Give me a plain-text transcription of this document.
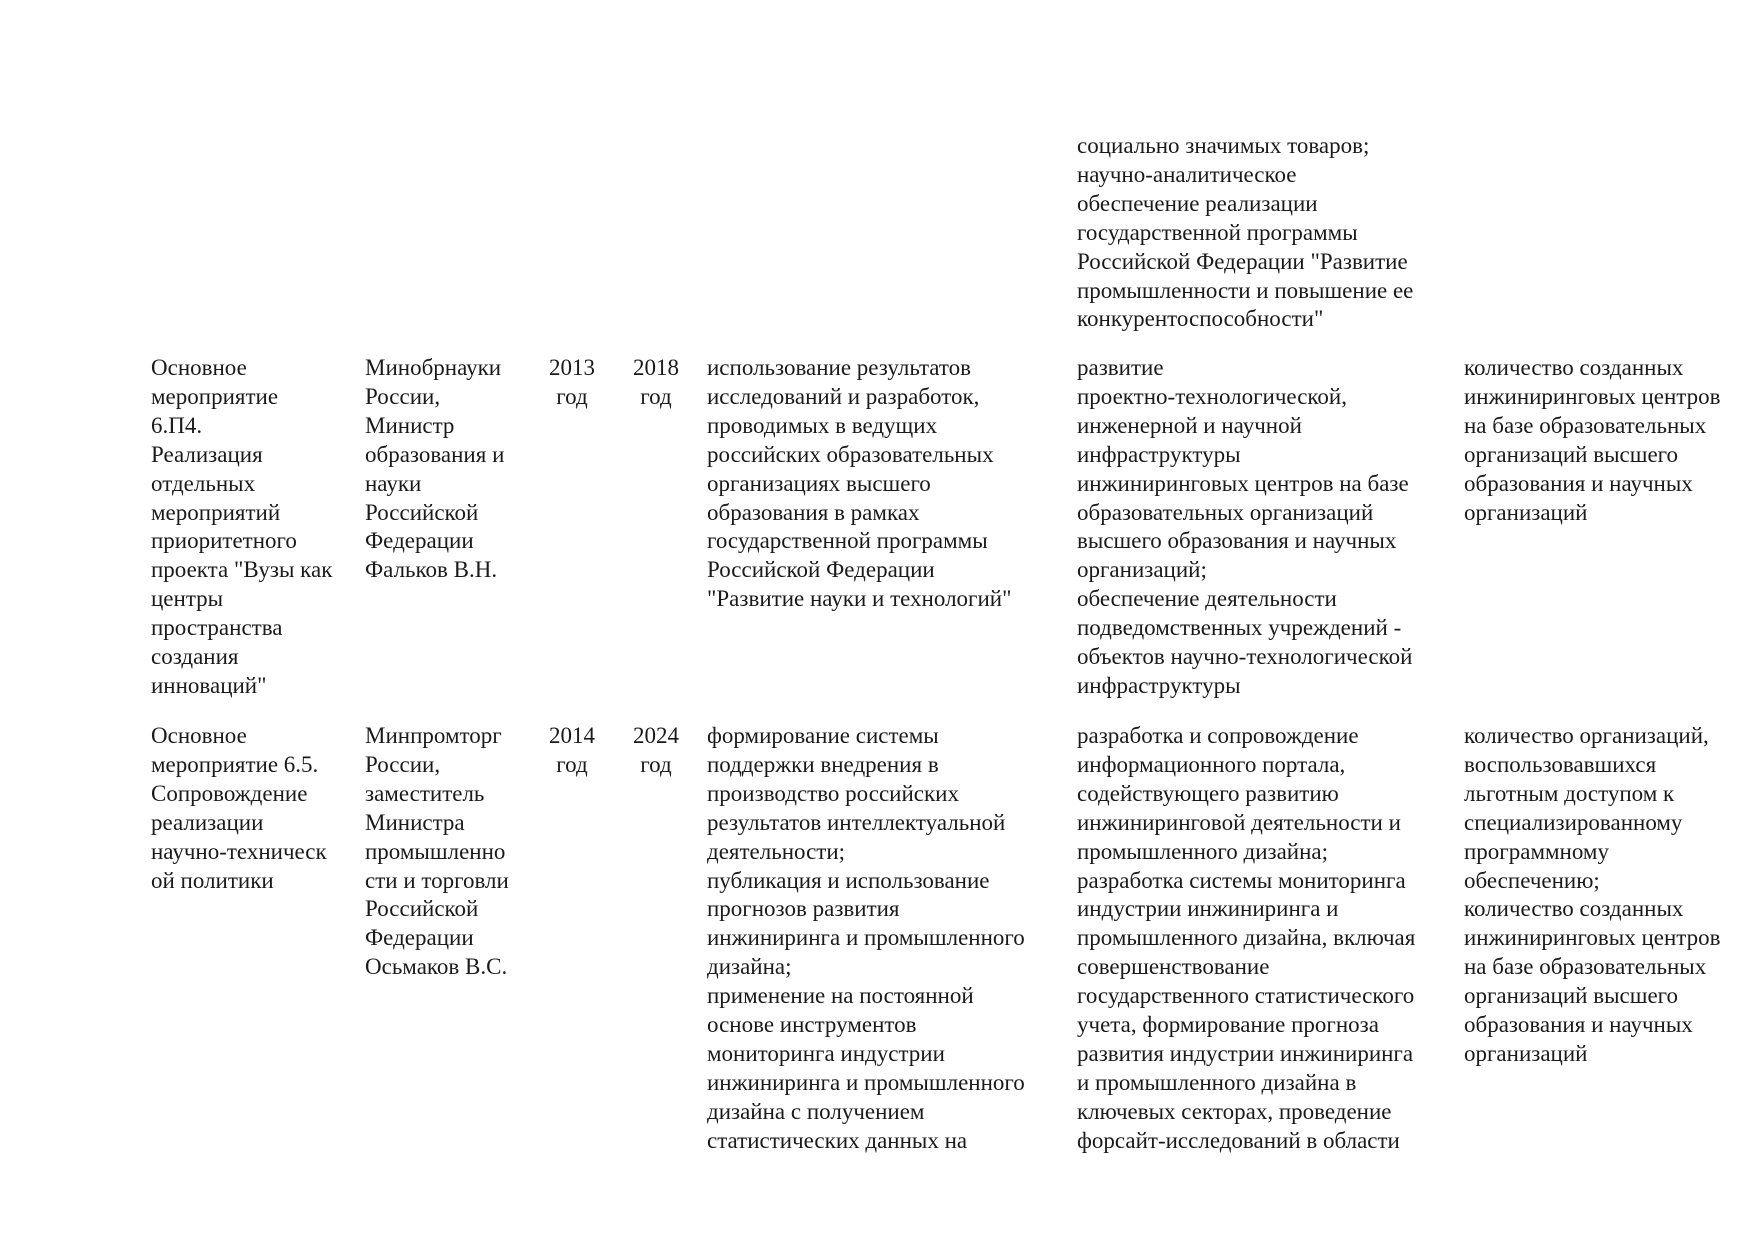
социально значимых товаров;
научно-аналитическое
обеспечение реализации
государственной программы
Российской Федерации "Развитие
промышленности и повышение ее
конкурентоспособности"

Основное
мероприятие
6.П4.
Реализация
отдельных
мероприятий
приоритетного
проекта "Вузы как
центры
пространства
создания
инноваций"

Минобрнауки
России,
Министр
образования и
науки
Российской
Федерации
Фальков В.Н.

2013
год

2018
год

использование результатов
исследований и разработок,
проводимых в ведущих
российских образовательных
организациях высшего
образования в рамках
государственной программы
Российской Федерации
"Развитие науки и технологий"

развитие
проектно-технологической,
инженерной и научной
инфраструктуры
инжиниринговых центров на базе
образовательных организаций
высшего образования и научных
организаций;
обеспечение деятельности
подведомственных учреждений -
объектов научно-технологической
инфраструктуры

количество созданных
инжиниринговых центров
на базе образовательных
организаций высшего
образования и научных
организаций

Основное
мероприятие 6.5.
Сопровождение
реализации
научно-техническ
ой политики

Минпромторг
России,
заместитель
Министра
промышленно
сти и торговли
Российской
Федерации
Осьмаков В.С.

2014
год

2024
год

формирование системы
поддержки внедрения в
производство российских
результатов интеллектуальной
деятельности;
публикация и использование
прогнозов развития
инжиниринга и промышленного
дизайна;
применение на постоянной
основе инструментов
мониторинга индустрии
инжиниринга и промышленного
дизайна с получением
статистических данных на

разработка и сопровождение
информационного портала,
содействующего развитию
инжиниринговой деятельности и
промышленного дизайна;
разработка системы мониторинга
индустрии инжиниринга и
промышленного дизайна, включая
совершенствование
государственного статистического
учета, формирование прогноза
развития индустрии инжиниринга
и промышленного дизайна в
ключевых секторах, проведение
форсайт-исследований в области

количество организаций,
воспользовавшихся
льготным доступом к
специализированному
программному
обеспечению;
количество созданных
инжиниринговых центров
на базе образовательных
организаций высшего
образования и научных
организаций
